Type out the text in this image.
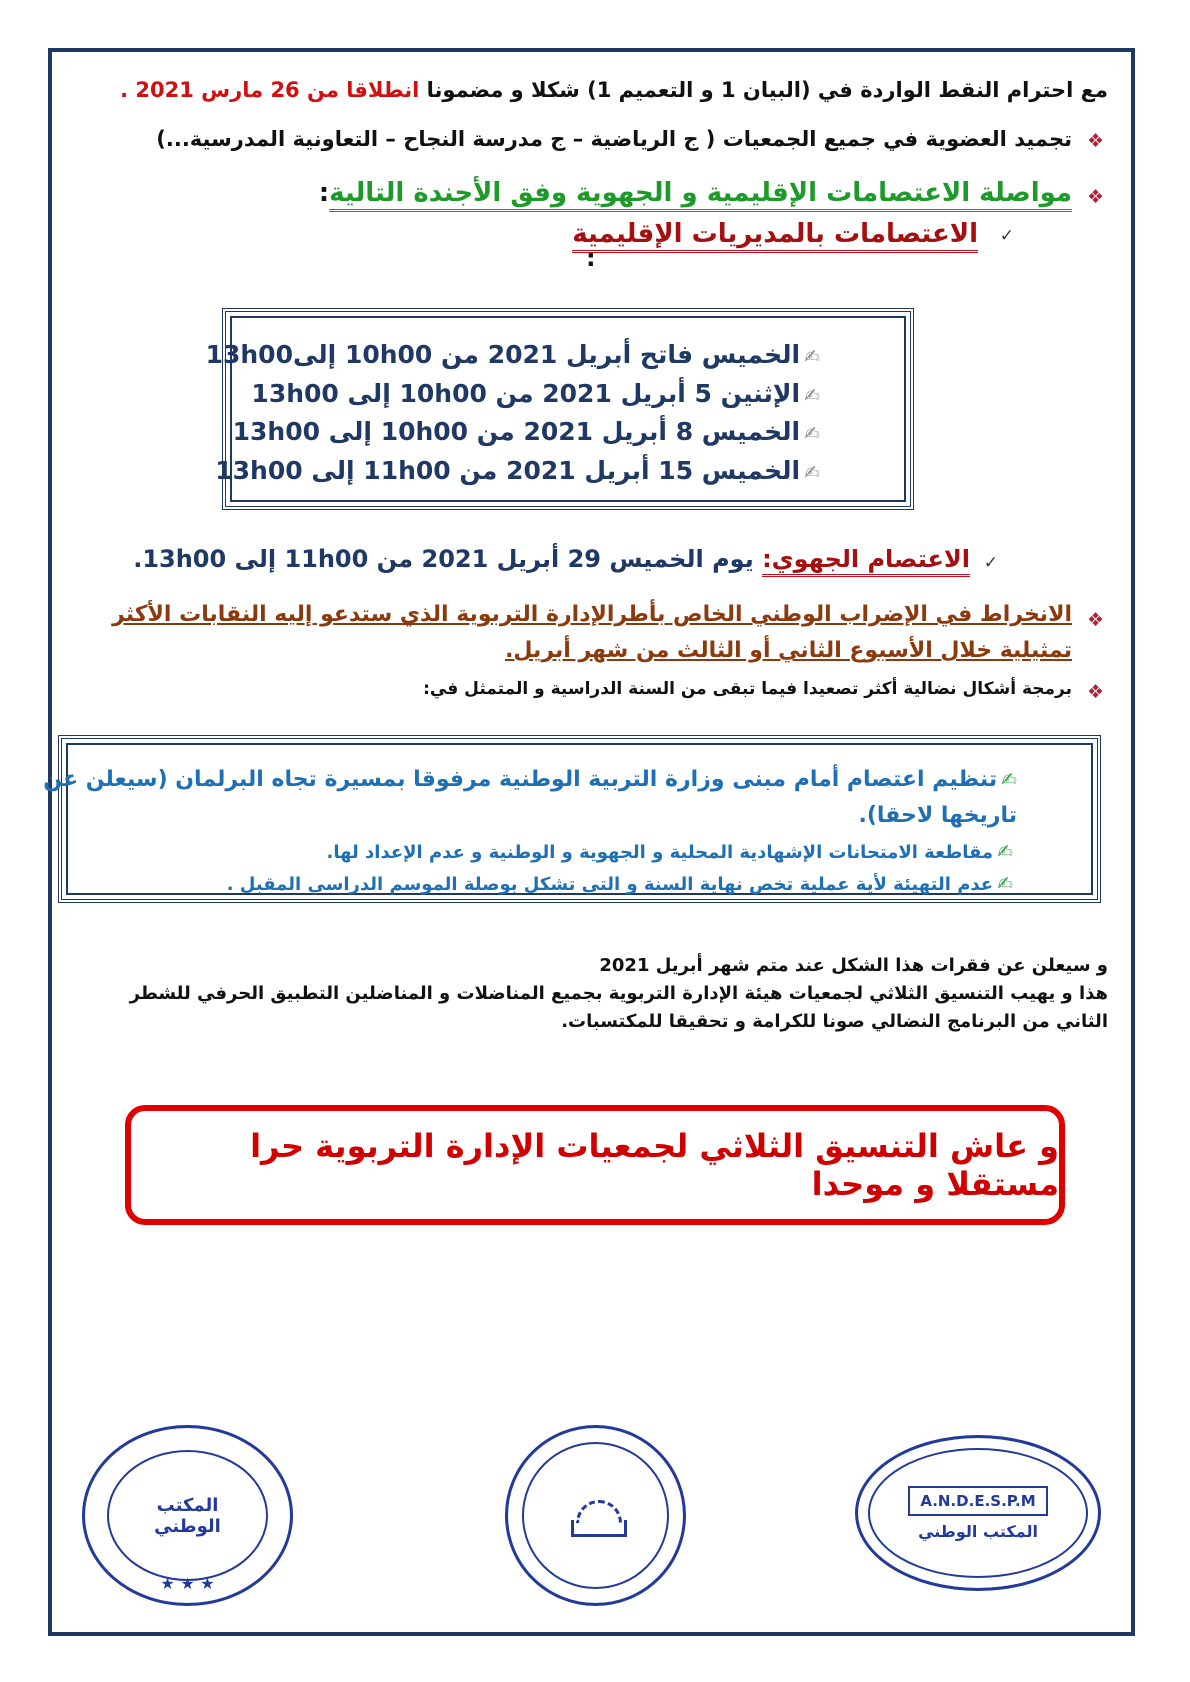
مع احترام النقط الواردة في (البيان 1 و التعميم 1) شكلا و مضمونا انطلاقا من 26 مارس 2021 .
❖
تجميد العضوية في جميع الجمعيات ( ج الرياضية – ج مدرسة النجاح – التعاونية المدرسية...)
❖
مواصلة الاعتصامات الإقليمية و الجهوية وفق الأجندة التالية:
✓
الاعتصامات بالمديريات الإقليمية
:
✍الخميس فاتح أبريل 2021 من 10h00 إلى13h00
✍الإثنين 5 أبريل 2021 من 10h00 إلى 13h00
✍الخميس 8 أبريل 2021 من 10h00 إلى 13h00
✍الخميس 15 أبريل 2021 من 11h00 إلى 13h00
✓
الاعتصام الجهوي: يوم الخميس 29 أبريل 2021 من 11h00 إلى 13h00.
❖
الانخراط في الإضراب الوطني الخاص بأطرالإدارة التربوية الذي ستدعو إليه النقابات الأكثر
تمثيلية خلال الأسبوع الثاني أو الثالث من شهر أبريل.
❖
برمجة أشكال نضالية أكثر تصعيدا فيما تبقى من السنة الدراسية و المتمثل في:
✍تنظيم اعتصام أمام مبنى وزارة التربية الوطنية مرفوقا بمسيرة تجاه البرلمان (سيعلن عن
تاريخها لاحقا).
✍مقاطعة الامتحانات الإشهادية المحلية و الجهوية و الوطنية و عدم الإعداد لها.
✍عدم التهيئة لأية عملية تخص نهاية السنة و التي تشكل بوصلة الموسم الدراسي المقبل .
و سيعلن عن فقرات هذا الشكل عند متم شهر أبريل 2021
هذا و يهيب التنسيق الثلاثي لجمعيات هيئة الإدارة التربوية بجميع المناضلات و المناضلين التطبيق الحرفي للشطر
الثاني من البرنامج النضالي صونا للكرامة و تحقيقا للمكتسبات.
و عاش التنسيق الثلاثي لجمعيات الإدارة التربوية حرا مستقلا و موحدا
A.N.D.E.S.P.M
المكتب الوطني
المكتب
الوطني
★ ★ ★
